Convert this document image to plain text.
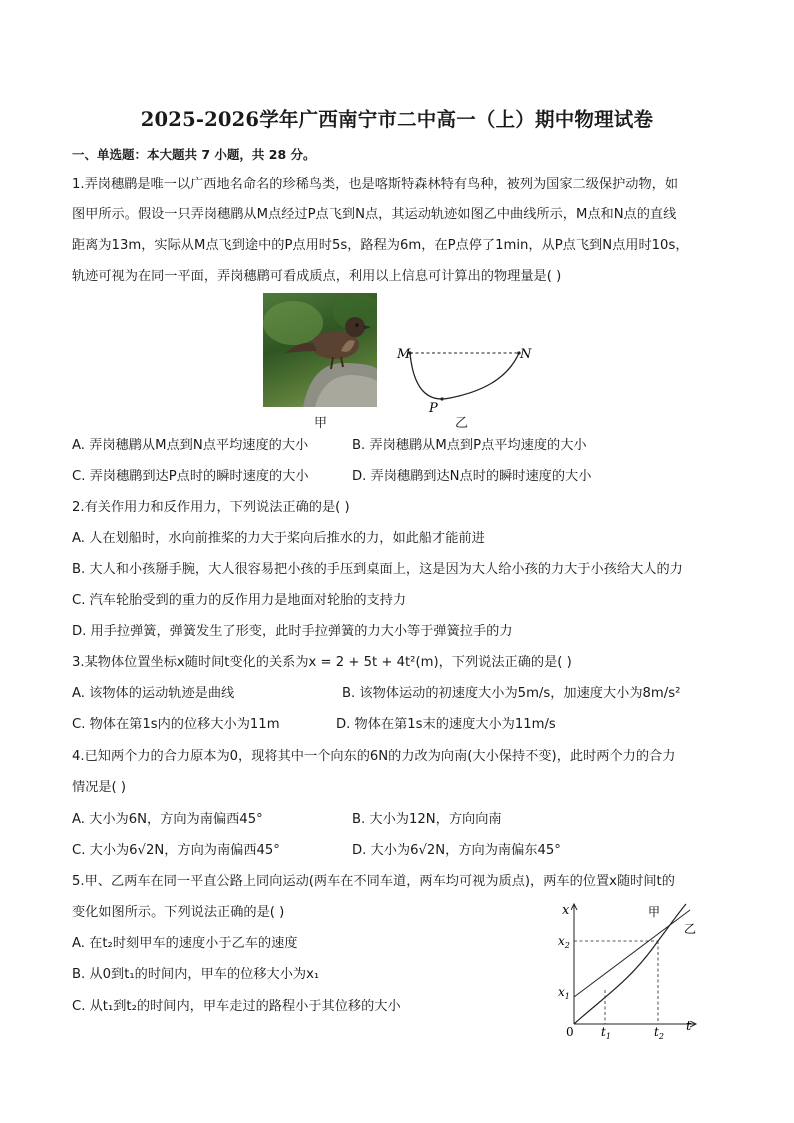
2025-2026学年广西南宁市二中高一（上）期中物理试卷
一、单选题：本大题共 7 小题，共 28 分。
1.弄岗穗鹛是唯一以广西地名命名的珍稀鸟类，也是喀斯特森林特有鸟种，被列为国家二级保护动物，如
图甲所示。假设一只弄岗穗鹛从M点经过P点飞到N点，其运动轨迹如图乙中曲线所示，M点和N点的直线
距离为13m，实际从M点飞到途中的P点用时5s，路程为6m，在P点停了1min，从P点飞到N点用时10s，
轨迹可视为在同一平面，弄岗穗鹛可看成质点，利用以上信息可计算出的物理量是( )
甲
M	N
P
乙
A. 弄岗穗鹛从M点到N点平均速度的大小	B. 弄岗穗鹛从M点到P点平均速度的大小
C. 弄岗穗鹛到达P点时的瞬时速度的大小	D. 弄岗穗鹛到达N点时的瞬时速度的大小
2.有关作用力和反作用力，下列说法正确的是( )
A. 人在划船时，水向前推桨的力大于桨向后推水的力，如此船才能前进
B. 大人和小孩掰手腕，大人很容易把小孩的手压到桌面上，这是因为大人给小孩的力大于小孩给大人的力
C. 汽车轮胎受到的重力的反作用力是地面对轮胎的支持力
D. 用手拉弹簧，弹簧发生了形变，此时手拉弹簧的力大小等于弹簧拉手的力
3.某物体位置坐标x随时间t变化的关系为x = 2 + 5t + 4t²(m)，下列说法正确的是( )
A. 该物体的运动轨迹是曲线	B. 该物体运动的初速度大小为5m/s，加速度大小为8m/s²
C. 物体在第1s内的位移大小为11m	D. 物体在第1s末的速度大小为11m/s
4.已知两个力的合力原本为0，现将其中一个向东的6N的力改为向南(大小保持不变)，此时两个力的合力
情况是( )
A. 大小为6N，方向为南偏西45°	B. 大小为12N，方向向南
C. 大小为6√2N，方向为南偏西45°	D. 大小为6√2N，方向为南偏东45°
5.甲、乙两车在同一平直公路上同向运动(两车在不同车道，两车均可视为质点)，两车的位置x随时间t的
变化如图所示。下列说法正确的是( )
A. 在t₂时刻甲车的速度小于乙车的速度
B. 从0到t₁的时间内，甲车的位移大小为x₁
C. 从t₁到t₂的时间内，甲车走过的路程小于其位移的大小
x
t
0
$x_1$
$x_2$
$t_1$	$t_2$
甲
乙
